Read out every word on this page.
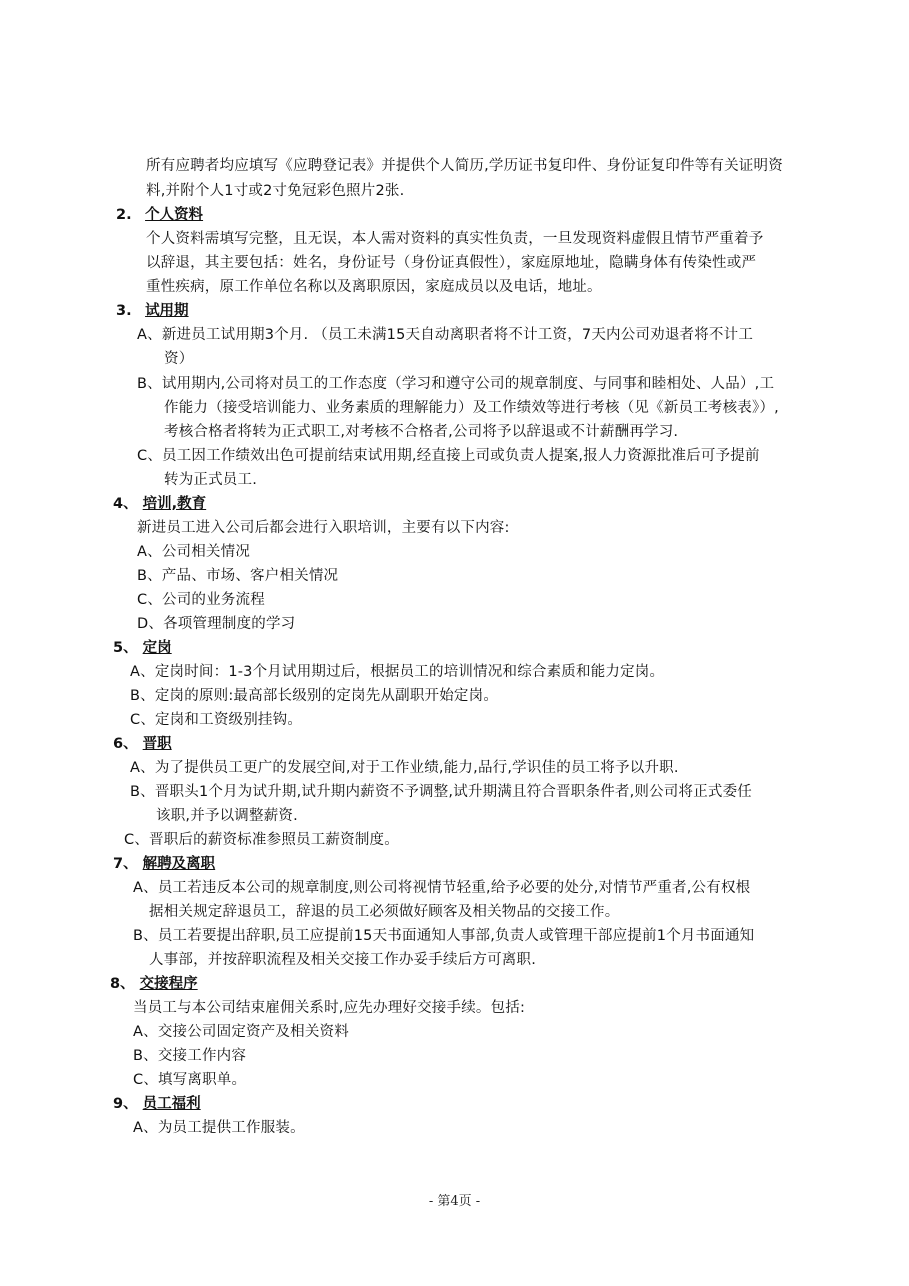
所有应聘者均应填写《应聘登记表》并提供个人简历,学历证书复印件、身份证复印件等有关证明资
料,并附个人1寸或2寸免冠彩色照片2张.
2. 个人资料
个人资料需填写完整，且无误，本人需对资料的真实性负责，一旦发现资料虚假且情节严重着予
以辞退，其主要包括：姓名，身份证号（身份证真假性），家庭原地址，隐瞒身体有传染性或严
重性疾病，原工作单位名称以及离职原因，家庭成员以及电话，地址。
3. 试用期
A、新进员工试用期3个月. （员工未满15天自动离职者将不计工资，7天内公司劝退者将不计工
资）
B、试用期内,公司将对员工的工作态度（学习和遵守公司的规章制度、与同事和睦相处、人品）,工
作能力（接受培训能力、业务素质的理解能力）及工作绩效等进行考核（见《新员工考核表》）,
考核合格者将转为正式职工,对考核不合格者,公司将予以辞退或不计薪酬再学习.
C、员工因工作绩效出色可提前结束试用期,经直接上司或负责人提案,报人力资源批准后可予提前
转为正式员工.
4、 培训,教育
新进员工进入公司后都会进行入职培训，主要有以下内容:
A、公司相关情况
B、产品、市场、客户相关情况
C、公司的业务流程
D、各项管理制度的学习
5、 定岗
A、定岗时间：1-3个月试用期过后，根据员工的培训情况和综合素质和能力定岗。
B、定岗的原则:最高部长级别的定岗先从副职开始定岗。
C、定岗和工资级别挂钩。
6、 晋职
A、为了提供员工更广的发展空间,对于工作业绩,能力,品行,学识佳的员工将予以升职.
B、晋职头1个月为试升期,试升期内薪资不予调整,试升期满且符合晋职条件者,则公司将正式委任
该职,并予以调整薪资.
C、晋职后的薪资标准参照员工薪资制度。
7、 解聘及离职
A、员工若违反本公司的规章制度,则公司将视情节轻重,给予必要的处分,对情节严重者,公有权根
据相关规定辞退员工，辞退的员工必须做好顾客及相关物品的交接工作。
B、员工若要提出辞职,员工应提前15天书面通知人事部,负责人或管理干部应提前1个月书面通知
人事部，并按辞职流程及相关交接工作办妥手续后方可离职.
8、 交接程序
当员工与本公司结束雇佣关系时,应先办理好交接手续。包括:
A、交接公司固定资产及相关资料
B、交接工作内容
C、填写离职单。
9、 员工福利
A、为员工提供工作服装。
- 第4页 -
